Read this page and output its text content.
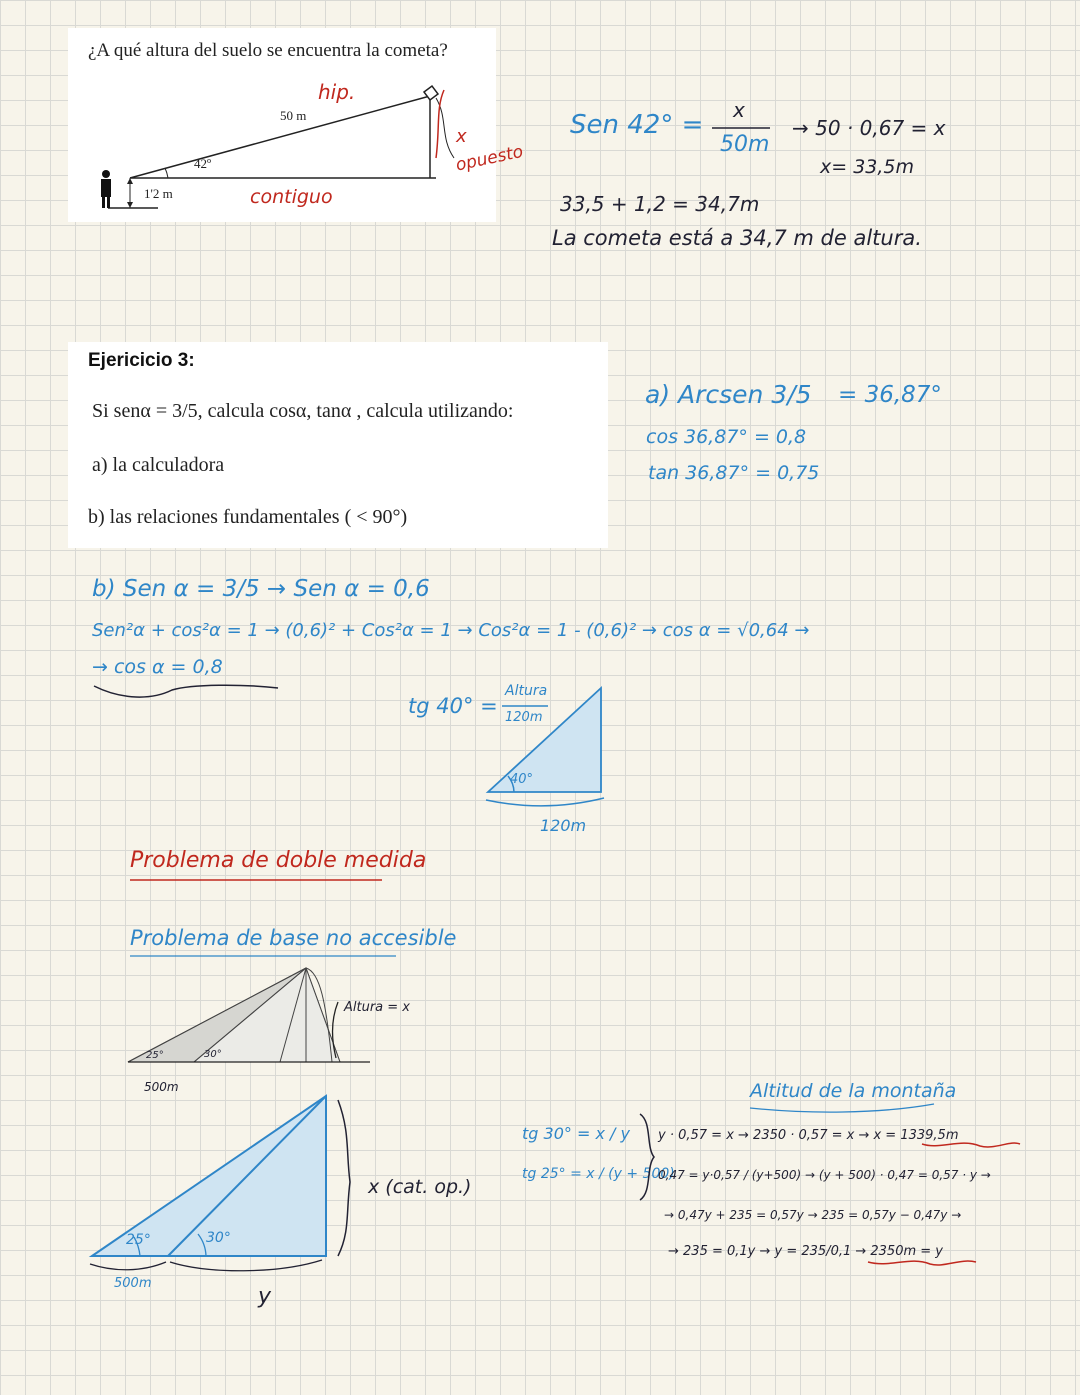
¿A qué altura del suelo se encuentra la cometa?
50 m
42º
1'2 m
hip.
x
opuesto
contiguo
Sen 42° = x
50m
→ 50 · 0,67 = x
x= 33,5m
33,5 + 1,2 = 34,7m
La cometa está a 34,7 m de altura.
Ejericicio 3:
Si senα = 3/5, calcula cosα, tanα , calcula utilizando:
a) la calculadora
b) las relaciones fundamentales ( < 90°)
a) Arcsen 3/5 = 36,87°
cos 36,87° = 0,8
tan 36,87° = 0,75
b) Sen α = 3/5 → Sen α = 0,6
Sen²α + cos²α = 1 → (0,6)² + Cos²α = 1 → Cos²α = 1 - (0,6)² → cos α = √0,64 →
→ cos α = 0,8
tg 40° =
Altura
120m
40°
120m
Problema de doble medida
Problema de base no accesible
Altura = x
25°	30°
500m
25°	30°
500m
y
x (cat. op.)
tg 30° = x / y
tg 25° = x / (y + 500)
Altitud de la montaña
y · 0,57 = x → 2350 · 0,57 = x → x = 1339,5m
0,47 = y·0,57 / (y+500) → (y + 500) · 0,47 = 0,57 · y →
→ 0,47y + 235 = 0,57y → 235 = 0,57y − 0,47y →
→ 235 = 0,1y → y = 235/0,1 → 2350m = y
